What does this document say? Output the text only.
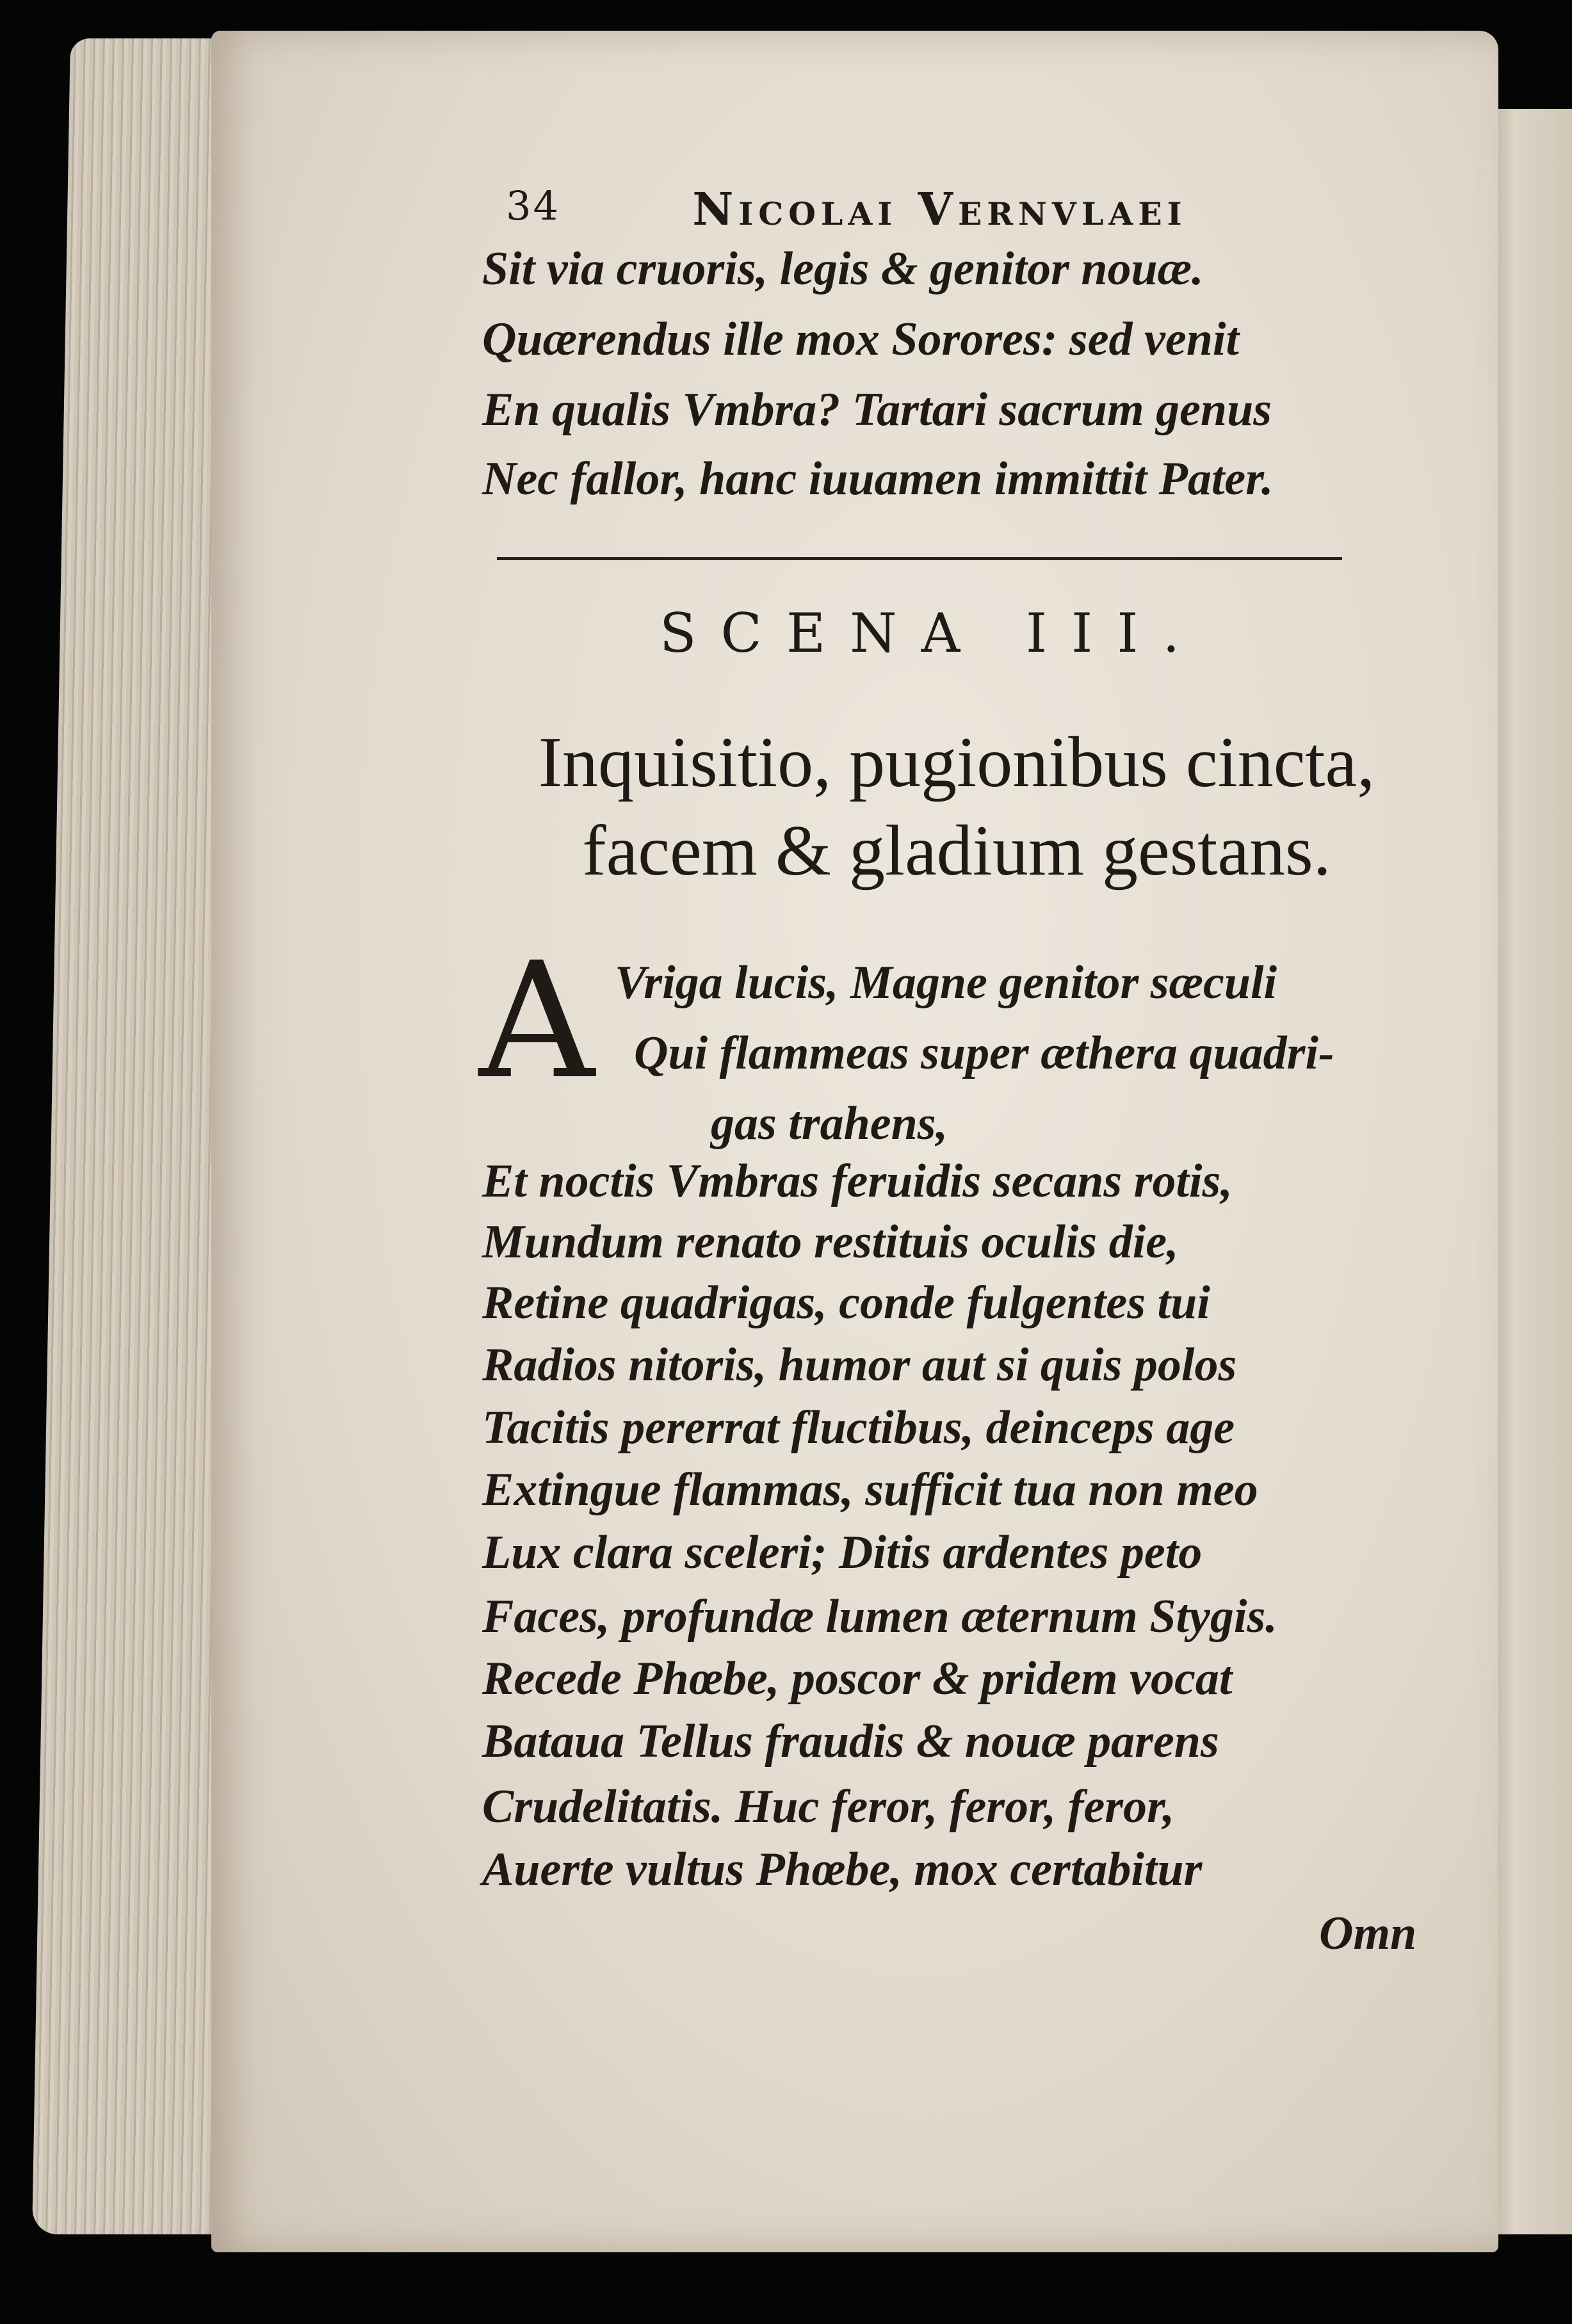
34	Nicolai Vernvlaei
Sit via cruoris, legis & genitor nouæ.
Quærendus ille mox Sorores: sed venit
En qualis Vmbra? Tartari sacrum genus
Nec fallor, hanc iuuamen immittit Pater.
SCENA III.
Inquisitio, pugionibus cincta,
facem & gladium gestans.
A Vriga lucis, Magne genitor sæculi
Qui flammeas super æthera quadri-
gas trahens,
Et noctis Vmbras feruidis secans rotis,
Mundum renato restituis oculis die,
Retine quadrigas, conde fulgentes tui
Radios nitoris, humor aut si quis polos
Tacitis pererrat fluctibus, deinceps age
Extingue flammas, sufficit tua non meo
Lux clara sceleri; Ditis ardentes peto
Faces, profundæ lumen æternum Stygis.
Recede Phœbe, poscor & pridem vocat
Bataua Tellus fraudis & nouæ parens
Crudelitatis. Huc feror, feror, feror,
Auerte vultus Phœbe, mox certabitur
Omn
